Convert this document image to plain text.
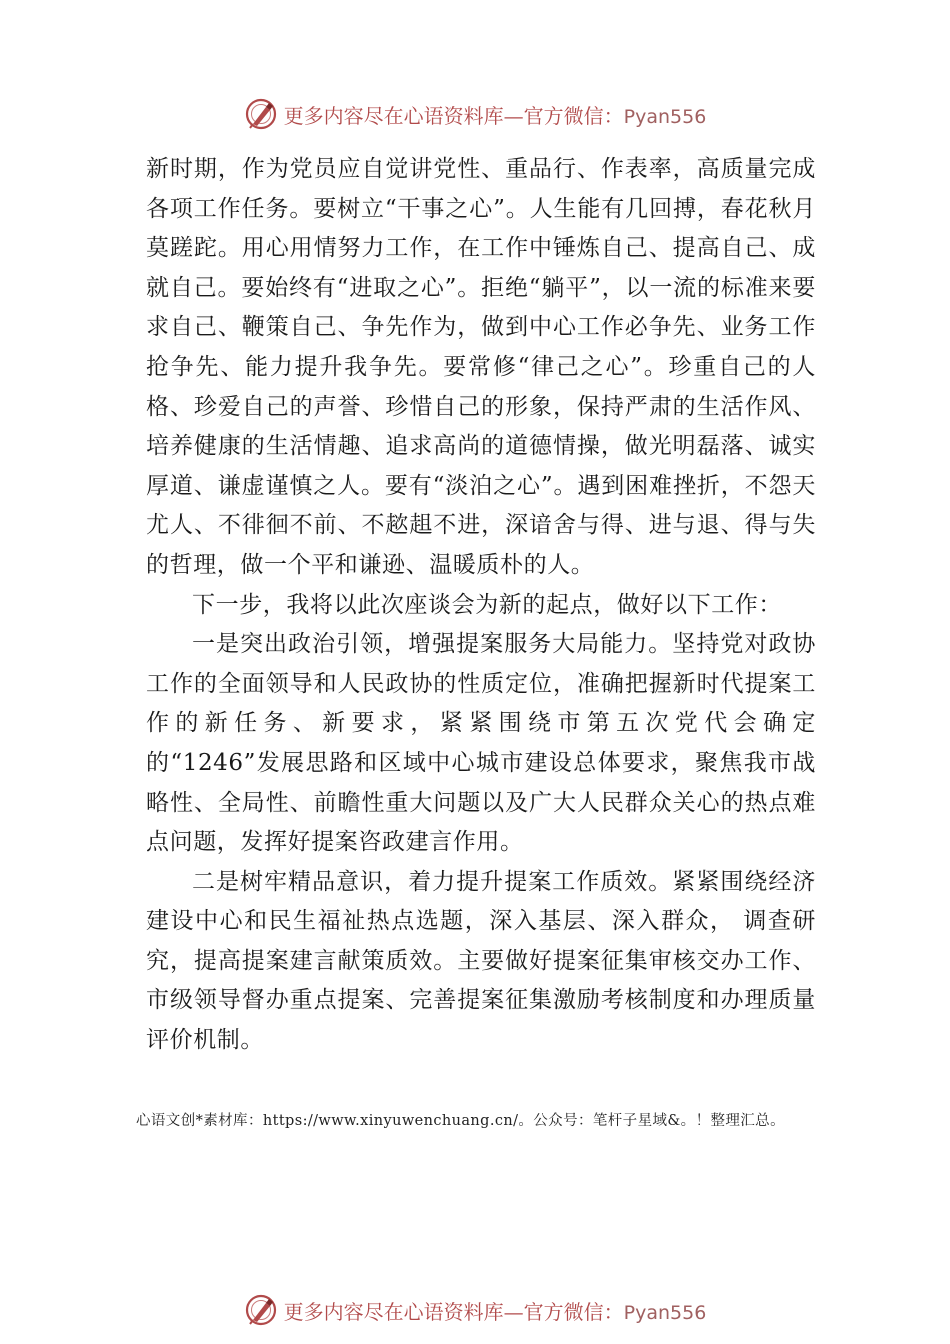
更多内容尽在心语资料库—官方微信：Pyan556

新时期，作为党员应自觉讲党性、重品行、作表率，高质量完成各项工作任务。要树立“干事之心”。人生能有几回搏，春花秋月莫蹉跎。用心用情努力工作，在工作中锤炼自己、提高自己、成就自己。要始终有“进取之心”。拒绝“躺平”，以一流的标准来要求自己、鞭策自己、争先作为，做到中心工作必争先、业务工作抢争先、能力提升我争先。要常修“律己之心”。珍重自己的人格、珍爱自己的声誉、珍惜自己的形象，保持严肃的生活作风、培养健康的生活情趣、追求高尚的道德情操，做光明磊落、诚实厚道、谦虚谨慎之人。要有“淡泊之心”。遇到困难挫折，不怨天尤人、不徘徊不前、不趑趄不进，深谙舍与得、进与退、得与失的哲理，做一个平和谦逊、温暖质朴的人。

下一步，我将以此次座谈会为新的起点，做好以下工作：

一是突出政治引领，增强提案服务大局能力。坚持党对政协工作的全面领导和人民政协的性质定位，准确把握新时代提案工作的新任务、新要求，紧紧围绕市第五次党代会确定的“1246”发展思路和区域中心城市建设总体要求，聚焦我市战略性、全局性、前瞻性重大问题以及广大人民群众关心的热点难点问题，发挥好提案咨政建言作用。

二是树牢精品意识，着力提升提案工作质效。紧紧围绕经济建设中心和民生福祉热点选题，深入基层、深入群众， 调查研究，提高提案建言献策质效。主要做好提案征集审核交办工作、市级领导督办重点提案、完善提案征集激励考核制度和办理质量评价机制。

心语文创*素材库：https://www.xinyuwenchuang.cn/。公众号：笔杆子星域&。！整理汇总。
更多内容尽在心语资料库—官方微信：Pyan556
